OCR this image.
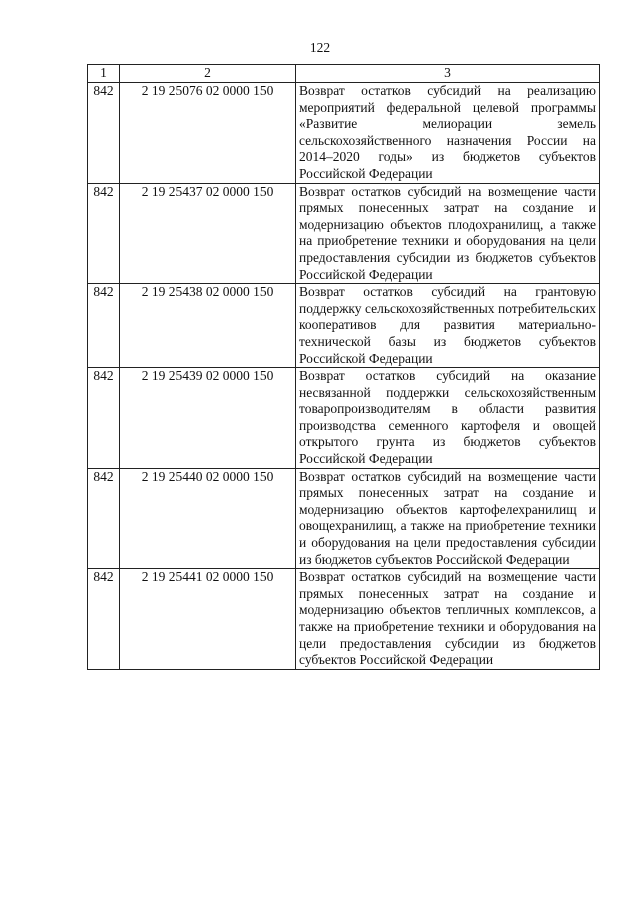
122
1	2	3
842	2 19 25076 02 0000 150	Возврат остатков субсидий на реализацию мероприятий федеральной целевой программы «Развитие мелиорации земель сельскохозяйственного назначения России на 2014–2020 годы» из бюджетов субъектов Российской Федерации
842	2 19 25437 02 0000 150	Возврат остатков субсидий на возмещение части прямых понесенных затрат на создание и модернизацию объектов плодохранилищ, а также на приобретение техники и оборудования на цели предоставления субсидии из бюджетов субъектов Российской Федерации
842	2 19 25438 02 0000 150	Возврат остатков субсидий на грантовую поддержку сельскохозяйственных потребительских кооперативов для развития материально-технической базы из бюджетов субъектов Российской Федерации
842	2 19 25439 02 0000 150	Возврат остатков субсидий на оказание несвязанной поддержки сельскохозяйственным товаропроизводителям в области развития производства семенного картофеля и овощей открытого грунта из бюджетов субъектов Российской Федерации
842	2 19 25440 02 0000 150	Возврат остатков субсидий на возмещение части прямых понесенных затрат на создание и модернизацию объектов картофелехранилищ и овощехранилищ, а также на приобретение техники и оборудования на цели предоставления субсидии из бюджетов субъектов Российской Федерации
842	2 19 25441 02 0000 150	Возврат остатков субсидий на возмещение части прямых понесенных затрат на создание и модернизацию объектов тепличных комплексов, а также на приобретение техники и оборудования на цели предоставления субсидии из бюджетов субъектов Российской Федерации
